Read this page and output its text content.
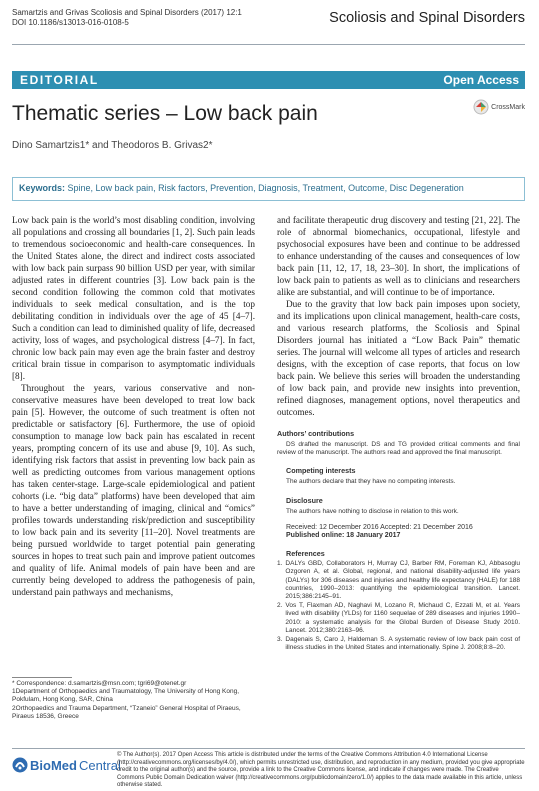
Samartzis and Grivas Scoliosis and Spinal Disorders (2017) 12:1
DOI 10.1186/s13013-016-0108-5	Scoliosis and Spinal Disorders
EDITORIAL	Open Access
Thematic series – Low back pain
Dino Samartzis1* and Theodoros B. Grivas2*
CrossMark
Keywords: Spine, Low back pain, Risk factors, Prevention, Diagnosis, Treatment, Outcome, Disc Degeneration

Low back pain is the world’s most disabling condition, involving all populations and crossing all boundaries [1, 2]. Such pain leads to tremendous socioeconomic and health-care consequences. In the United States alone, the direct and indirect costs associated with low back pain surpass 90 billion USD per year, with similar adjusted rates in different countries [3]. Low back pain is the second condition following the common cold that motivates individuals to seek medical consultation, and is the top debilitating condition in individuals over the age of 45 [4–7]. Such a condition can lead to diminished quality of life, decreased activity, loss of wages, and psychological distress [4–7]. In fact, chronic low back pain may even age the brain faster and destroy critical brain tissue in comparison to asymptomatic individuals [8].

Throughout the years, various conservative and non-conservative measures have been developed to treat low back pain [5]. However, the outcome of such treatment is often not predictable or satisfactory [6]. Furthermore, the use of opioid consumption to manage low back pain has escalated in recent years, prompting concern of its use and abuse [9, 10]. As such, identifying risk factors that assist in preventing low back pain as well as predicting outcomes from various management options has taken center-stage. Large-scale epidemiological and patient cohorts (i.e. “big data” platforms) have been developed that aim to have a better understanding of imaging, clinical and “omics” profiles towards understanding risk/prediction and susceptibility to low back pain and its severity [11–20]. Novel treatments are being pursued worldwide to target potential pain generating sources in hopes to treat such pain and improve patient outcomes and quality of life. Animal models of pain have been and are currently being developed to address the pathogenesis of pain, understand pain pathways and mechanisms,

and facilitate therapeutic drug discovery and testing [21, 22]. The role of abnormal biomechanics, occupational, lifestyle and psychosocial exposures have been and continue to be addressed to enhance understanding of the causes and consequences of low back pain [11, 12, 17, 18, 23–30]. In short, the implications of low back pain to patients as well as to clinicians and researchers alike are substantial, and will continue to be of importance.

Due to the gravity that low back pain imposes upon society, and its implications upon clinical management, health-care costs, and various research platforms, the Scoliosis and Spinal Disorders journal has initiated a “Low Back Pain” thematic series. The journal will welcome all types of articles and research designs, with the exception of case reports, that focus on low back pain. We believe this series will broaden the understanding of low back pain, and provide new insights into prevention, refined diagnoses, management options, novel therapeutics and outcomes.

Authors’ contributions

DS drafted the manuscript. DS and TG provided critical comments and final review of the manuscript. The authors read and approved the final manuscript.

Competing interests

The authors declare that they have no competing interests.

Disclosure

The authors have nothing to disclose in relation to this work.

Received: 12 December 2016 Accepted: 21 December 2016

Published online: 18 January 2017

References

1. DALYs GBD, Collaborators H, Murray CJ, Barber RM, Foreman KJ, Abbasoglu Ozgoren A, et al. Global, regional, and national disability-adjusted life years (DALYs) for 306 diseases and injuries and healthy life expectancy (HALE) for 188 countries, 1990–2013: quantifying the epidemiological transition. Lancet. 2015;386:2145–91.
2. Vos T, Flaxman AD, Naghavi M, Lozano R, Michaud C, Ezzati M, et al. Years lived with disability (YLDs) for 1160 sequelae of 289 diseases and injuries 1990–2010: a systematic analysis for the Global Burden of Disease Study 2010. Lancet. 2012;380:2163–96.
3. Dagenais S, Caro J, Haldeman S. A systematic review of low back pain cost of illness studies in the United States and internationally. Spine J. 2008;8:8–20.
* Correspondence: d.samartzis@msn.com; tgri69@otenet.gr
1Department of Orthopaedics and Traumatology, The University of Hong Kong, Pokfulam, Hong Kong, SAR, China
2Orthopaedics and Trauma Department, “Tzaneio” General Hospital of Piraeus, Piraeus 18536, Greece
BioMed Central
© The Author(s). 2017 Open Access This article is distributed under the terms of the Creative Commons Attribution 4.0 International License (http://creativecommons.org/licenses/by/4.0/), which permits unrestricted use, distribution, and reproduction in any medium, provided you give appropriate credit to the original author(s) and the source, provide a link to the Creative Commons license, and indicate if changes were made. The Creative Commons Public Domain Dedication waiver (http://creativecommons.org/publicdomain/zero/1.0/) applies to the data made available in this article, unless otherwise stated.
